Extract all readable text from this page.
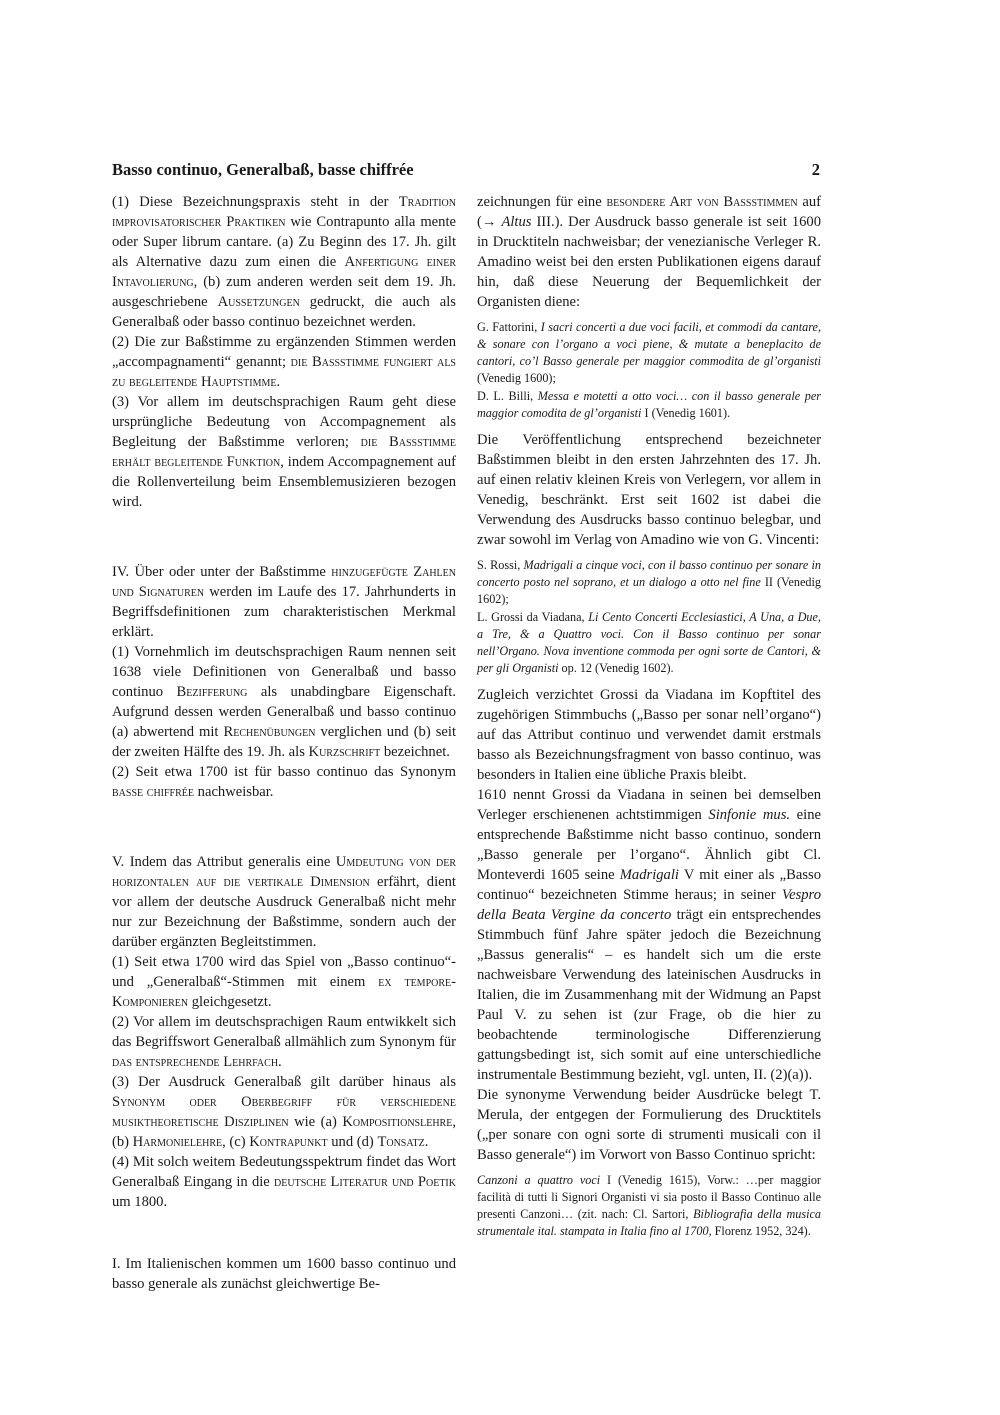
Basso continuo, Generalbaß, basse chiffrée	2

(1) Diese Bezeichnungspraxis steht in der Tradition improvisatorischer Praktiken wie Contrapunto alla mente oder Super librum cantare. (a) Zu Beginn des 17. Jh. gilt als Alternative dazu zum einen die Anfertigung einer Intavolierung, (b) zum anderen werden seit dem 19. Jh. ausgeschriebene Aussetzungen gedruckt, die auch als Generalbaß oder basso continuo bezeichnet werden.

(2) Die zur Baßstimme zu ergänzenden Stimmen werden „accompagnamenti“ genannt; die Bassstimme fungiert als zu begleitende Hauptstimme.

(3) Vor allem im deutschsprachigen Raum geht diese ursprüngliche Bedeutung von Accompagnement als Begleitung der Baßstimme verloren; die Bassstimme erhält begleitende Funktion, indem Accompagnement auf die Rollenverteilung beim Ensemblemusizieren bezogen wird.

IV. Über oder unter der Baßstimme hinzugefügte Zahlen und Signaturen werden im Laufe des 17. Jahrhunderts in Begriffsdefinitionen zum charakteristischen Merkmal erklärt.

(1) Vornehmlich im deutschsprachigen Raum nennen seit 1638 viele Definitionen von Generalbaß und basso continuo Bezifferung als unabdingbare Eigenschaft. Aufgrund dessen werden Generalbaß und basso continuo (a) abwertend mit Rechenübungen verglichen und (b) seit der zweiten Hälfte des 19. Jh. als Kurzschrift bezeichnet.

(2) Seit etwa 1700 ist für basso continuo das Synonym basse chiffrée nachweisbar.

V. Indem das Attribut generalis eine Umdeutung von der horizontalen auf die vertikale Dimension erfährt, dient vor allem der deutsche Ausdruck Generalbaß nicht mehr nur zur Bezeichnung der Baßstimme, sondern auch der darüber ergänzten Begleitstimmen.

(1) Seit etwa 1700 wird das Spiel von „Basso continuo“- und „Generalbaß“-Stimmen mit einem ex tempore-Komponieren gleichgesetzt.

(2) Vor allem im deutschsprachigen Raum entwikkelt sich das Begriffswort Generalbaß allmählich zum Synonym für das entsprechende Lehrfach.

(3) Der Ausdruck Generalbaß gilt darüber hinaus als Synonym oder Oberbegriff für verschiedene musiktheoretische Disziplinen wie (a) Kompositionslehre, (b) Harmonielehre, (c) Kontrapunkt und (d) Tonsatz.

(4) Mit solch weitem Bedeutungsspektrum findet das Wort Generalbaß Eingang in die deutsche Literatur und Poetik um 1800.

I. Im Italienischen kommen um 1600 basso continuo und basso generale als zunächst gleichwertige Be-

zeichnungen für eine besondere Art von Bassstimmen auf (→ Altus III.). Der Ausdruck basso generale ist seit 1600 in Drucktiteln nachweisbar; der venezianische Verleger R. Amadino weist bei den ersten Publikationen eigens darauf hin, daß diese Neuerung der Bequemlichkeit der Organisten diene:

G. Fattorini, I sacri concerti a due voci facili, et commodi da cantare, & sonare con l’organo a voci piene, & mutate a beneplacito de cantori, co’l Basso generale per maggior commodita de gl’organisti (Venedig 1600);

D. L. Billi, Messa e motetti a otto voci… con il basso generale per maggior comodita de gl’organisti I (Venedig 1601).

Die Veröffentlichung entsprechend bezeichneter Baßstimmen bleibt in den ersten Jahrzehnten des 17. Jh. auf einen relativ kleinen Kreis von Verlegern, vor allem in Venedig, beschränkt. Erst seit 1602 ist dabei die Verwendung des Ausdrucks basso continuo belegbar, und zwar sowohl im Verlag von Amadino wie von G. Vincenti:

S. Rossi, Madrigali a cinque voci, con il basso continuo per sonare in concerto posto nel soprano, et un dialogo a otto nel fine II (Venedig 1602);

L. Grossi da Viadana, Li Cento Concerti Ecclesiastici, A Una, a Due, a Tre, & a Quattro voci. Con il Basso continuo per sonar nell’Organo. Nova inventione commoda per ogni sorte de Cantori, & per gli Organisti op. 12 (Venedig 1602).

Zugleich verzichtet Grossi da Viadana im Kopftitel des zugehörigen Stimmbuchs („Basso per sonar nell’organo“) auf das Attribut continuo und verwendet damit erstmals basso als Bezeichnungsfragment von basso continuo, was besonders in Italien eine übliche Praxis bleibt.

1610 nennt Grossi da Viadana in seinen bei demselben Verleger erschienenen achtstimmigen Sinfonie mus. eine entsprechende Baßstimme nicht basso continuo, sondern „Basso generale per l’organo“. Ähnlich gibt Cl. Monteverdi 1605 seine Madrigali V mit einer als „Basso continuo“ bezeichneten Stimme heraus; in seiner Vespro della Beata Vergine da concerto trägt ein entsprechendes Stimmbuch fünf Jahre später jedoch die Bezeichnung „Bassus generalis“ – es handelt sich um die erste nachweisbare Verwendung des lateinischen Ausdrucks in Italien, die im Zusammenhang mit der Widmung an Papst Paul V. zu sehen ist (zur Frage, ob die hier zu beobachtende terminologische Differenzierung gattungsbedingt ist, sich somit auf eine unterschiedliche instrumentale Bestimmung bezieht, vgl. unten, II. (2)(a)).

Die synonyme Verwendung beider Ausdrücke belegt T. Merula, der entgegen der Formulierung des Drucktitels („per sonare con ogni sorte di strumenti musicali con il Basso generale“) im Vorwort von Basso Continuo spricht:

Canzoni a quattro voci I (Venedig 1615), Vorw.: …per maggior facilità di tutti li Signori Organisti vi sia posto il Basso Continuo alle presenti Canzoni… (zit. nach: Cl. Sartori, Bibliografia della musica strumentale ital. stampata in Italia fino al 1700, Florenz 1952, 324).
